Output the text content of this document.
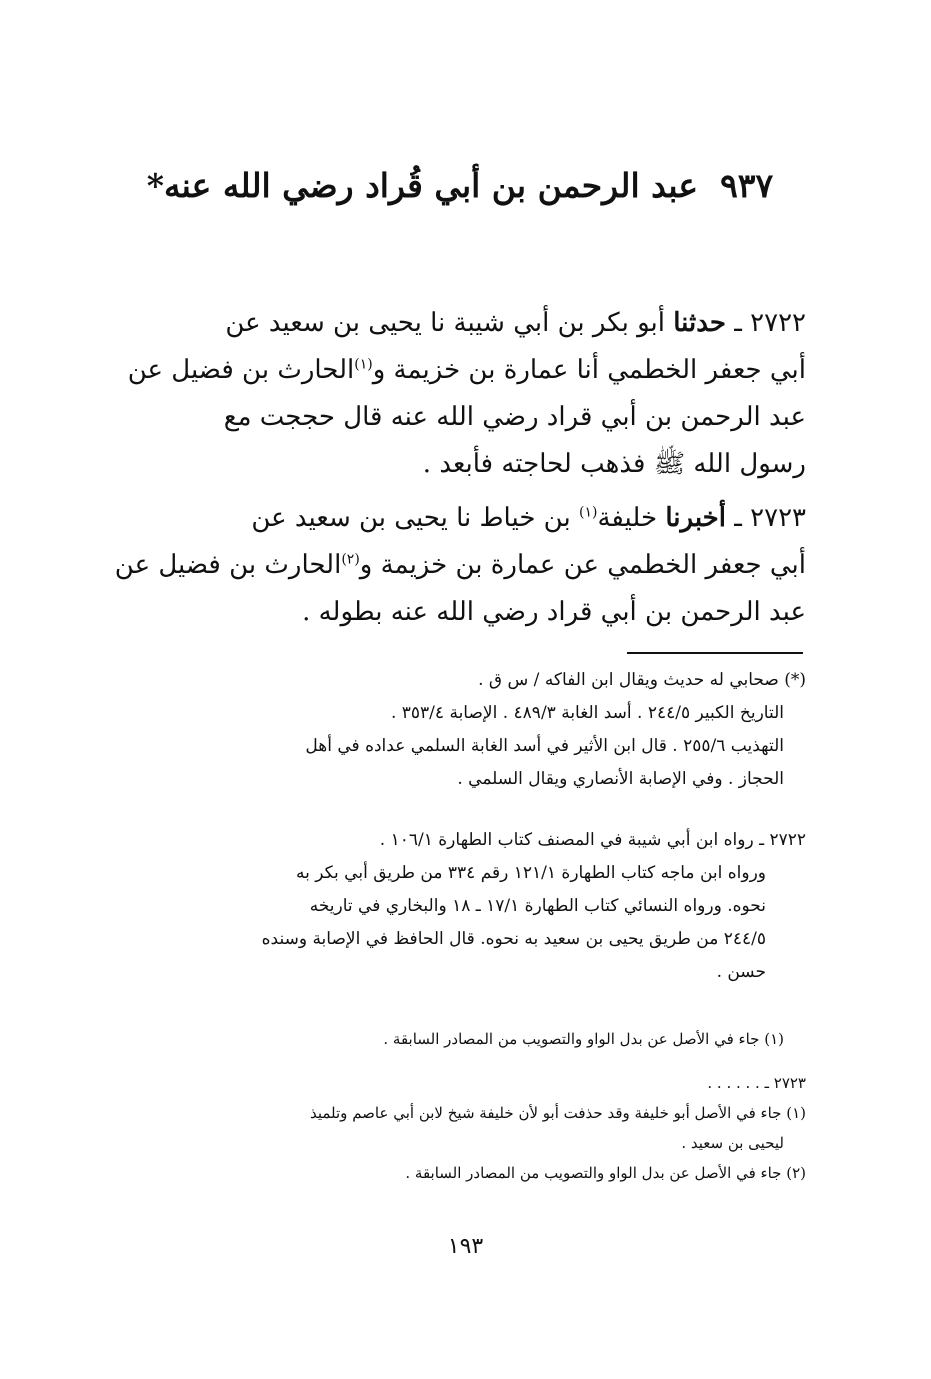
٩٣٧عبد الرحمن بن أبي قُراد رضي الله عنه*
٢٧٢٢ ـ حدثنا أبو بكر بن أبي شيبة نا يحيى بن سعيد عن
أبي جعفر الخطمي أنا عمارة بن خزيمة و$^{(١)}$الحارث بن فضيل عن
عبد الرحمن بن أبي قراد رضي الله عنه قال حججت مع
رسول الله ﷺ فذهب لحاجته فأبعد .
٢٧٢٣ ـ أخبرنا خليفة$^{(١)}$ بن خياط نا يحيى بن سعيد عن
أبي جعفر الخطمي عن عمارة بن خزيمة و$^{(٢)}$الحارث بن فضيل عن
عبد الرحمن بن أبي قراد رضي الله عنه بطوله .
(*) صحابي له حديث ويقال ابن الفاكه / س ق .
التاريخ الكبير ٢٤٤/٥ . أسد الغابة ٤٨٩/٣ . الإصابة ٣٥٣/٤ .
التهذيب ٢٥٥/٦ . قال ابن الأثير في أسد الغابة السلمي عداده في أهل
الحجاز . وفي الإصابة الأنصاري ويقال السلمي .
٢٧٢٢ ـ رواه ابن أبي شيبة في المصنف كتاب الطهارة ١٠٦/١ .
ورواه ابن ماجه كتاب الطهارة ١٢١/١ رقم ٣٣٤ من طريق أبي بكر به
نحوه. ورواه النسائي كتاب الطهارة ١٧/١ ـ ١٨ والبخاري في تاريخه
٢٤٤/٥ من طريق يحيى بن سعيد به نحوه. قال الحافظ في الإصابة وسنده
حسن .
(١) جاء في الأصل عن بدل الواو والتصويب من المصادر السابقة .
٢٧٢٣ ـ . . . . . .
(١) جاء في الأصل أبو خليفة وقد حذفت أبو لأن خليفة شيخ لابن أبي عاصم وتلميذ
ليحيى بن سعيد .
(٢) جاء في الأصل عن بدل الواو والتصويب من المصادر السابقة .
١٩٣
